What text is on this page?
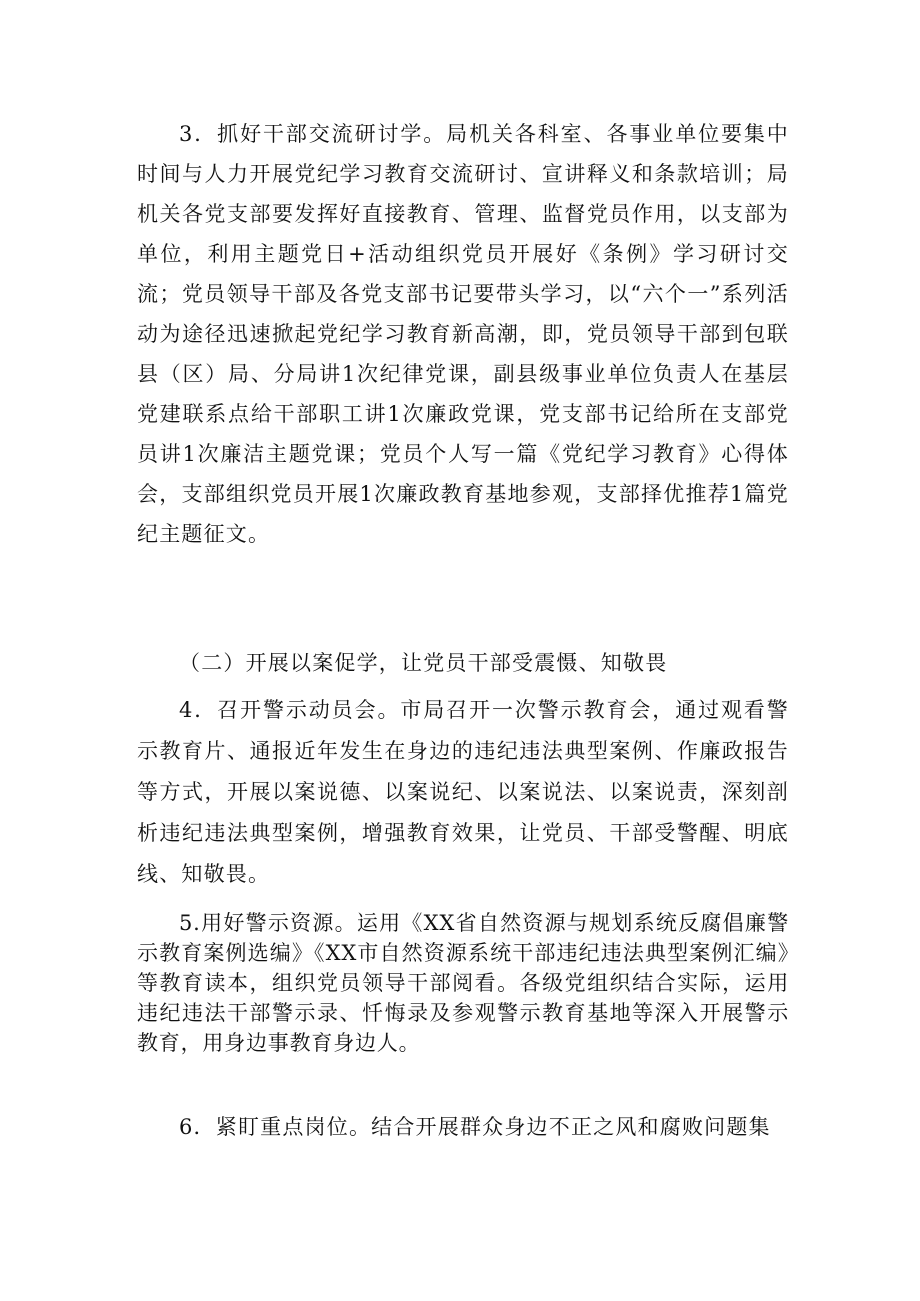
3．抓好干部交流研讨学。局机关各科室、各事业单位要集中时间与人力开展党纪学习教育交流研讨、宣讲释义和条款培训；局机关各党支部要发挥好直接教育、管理、监督党员作用，以支部为单位，利用主题党日+活动组织党员开展好《条例》学习研讨交流；党员领导干部及各党支部书记要带头学习，以“六个一”系列活动为途径迅速掀起党纪学习教育新高潮，即，党员领导干部到包联县（区）局、分局讲1次纪律党课，副县级事业单位负责人在基层党建联系点给干部职工讲1次廉政党课，党支部书记给所在支部党员讲1次廉洁主题党课；党员个人写一篇《党纪学习教育》心得体会，支部组织党员开展1次廉政教育基地参观，支部择优推荐1篇党纪主题征文。

（二）开展以案促学，让党员干部受震慑、知敬畏

4．召开警示动员会。市局召开一次警示教育会，通过观看警示教育片、通报近年发生在身边的违纪违法典型案例、作廉政报告等方式，开展以案说德、以案说纪、以案说法、以案说责，深刻剖析违纪违法典型案例，增强教育效果，让党员、干部受警醒、明底线、知敬畏。

5.用好警示资源。运用《XX省自然资源与规划系统反腐倡廉警示教育案例选编》《XX市自然资源系统干部违纪违法典型案例汇编》等教育读本，组织党员领导干部阅看。各级党组织结合实际，运用违纪违法干部警示录、忏悔录及参观警示教育基地等深入开展警示教育，用身边事教育身边人。

6．紧盯重点岗位。结合开展群众身边不正之风和腐败问题集
